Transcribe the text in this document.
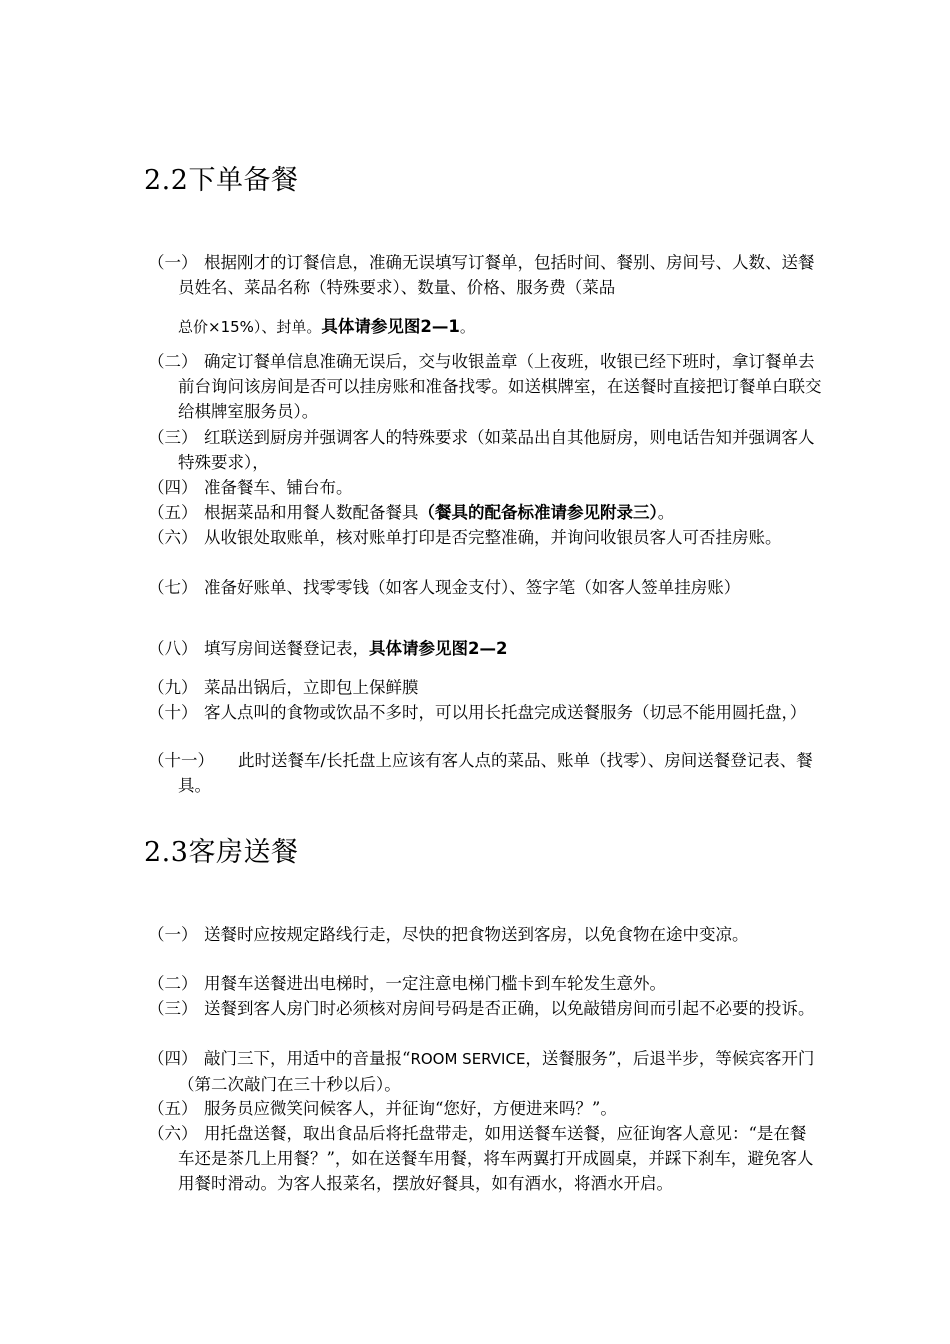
2.2下单备餐
（一） 根据刚才的订餐信息，准确无误填写订餐单，包括时间、餐别、房间号、人数、送餐员姓名、菜品名称（特殊要求）、数量、价格、服务费（菜品
总价×15%）、封单。具体请参见图2—1。
（二） 确定订餐单信息准确无误后，交与收银盖章（上夜班，收银已经下班时，拿订餐单去前台询问该房间是否可以挂房账和准备找零。如送棋牌室，在送餐时直接把订餐单白联交给棋牌室服务员）。
（三） 红联送到厨房并强调客人的特殊要求（如菜品出自其他厨房，则电话告知并强调客人特殊要求），
（四） 准备餐车、铺台布。
（五） 根据菜品和用餐人数配备餐具（餐具的配备标准请参见附录三）。
（六） 从收银处取账单，核对账单打印是否完整准确，并询问收银员客人可否挂房账。
（七） 准备好账单、找零零钱（如客人现金支付）、签字笔（如客人签单挂房账）
（八） 填写房间送餐登记表，具体请参见图2—2
（九） 菜品出锅后，立即包上保鲜膜
（十） 客人点叫的食物或饮品不多时，可以用长托盘完成送餐服务（切忌不能用圆托盘，）
（十一） 此时送餐车/长托盘上应该有客人点的菜品、账单（找零）、房间送餐登记表、餐具。
2.3客房送餐
（一） 送餐时应按规定路线行走，尽快的把食物送到客房，以免食物在途中变凉。
（二） 用餐车送餐进出电梯时，一定注意电梯门槛卡到车轮发生意外。
（三） 送餐到客人房门时必须核对房间号码是否正确，以免敲错房间而引起不必要的投诉。
（四） 敲门三下，用适中的音量报“ROOM SERVICE，送餐服务”，后退半步，等候宾客开门（第二次敲门在三十秒以后）。
（五） 服务员应微笑问候客人，并征询“您好，方便进来吗？”。
（六） 用托盘送餐，取出食品后将托盘带走，如用送餐车送餐，应征询客人意见：“是在餐车还是茶几上用餐？”，如在送餐车用餐，将车两翼打开成圆桌，并踩下刹车，避免客人用餐时滑动。为客人报菜名，摆放好餐具，如有酒水，将酒水开启。
